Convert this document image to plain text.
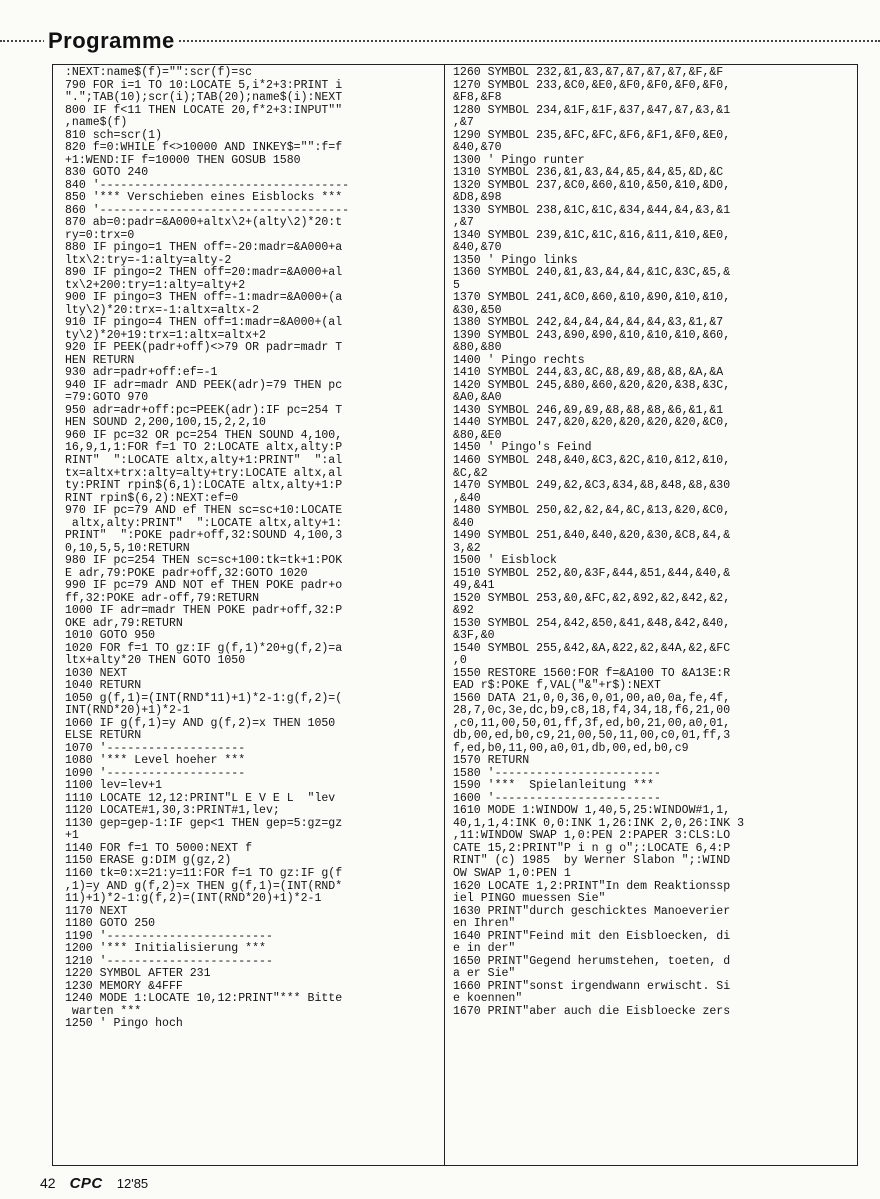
Programme
:NEXT:name$(f)="":scr(f)=sc
790 FOR i=1 TO 10:LOCATE 5,i*2+3:PRINT i
".";TAB(10);scr(i);TAB(20);name$(i):NEXT
800 IF f<11 THEN LOCATE 20,f*2+3:INPUT""
,name$(f)
810 sch=scr(1)
820 f=0:WHILE f<>10000 AND INKEY$="":f=f
+1:WEND:IF f=10000 THEN GOSUB 1580
830 GOTO 240
840 '------------------------------------
850 '*** Verschieben eines Eisblocks ***
860 '------------------------------------
870 ab=0:padr=&A000+altx\2+(alty\2)*20:t
ry=0:trx=0
880 IF pingo=1 THEN off=-20:madr=&A000+a
ltx\2:try=-1:alty=alty-2
890 IF pingo=2 THEN off=20:madr=&A000+al
tx\2+200:try=1:alty=alty+2
900 IF pingo=3 THEN off=-1:madr=&A000+(a
lty\2)*20:trx=-1:altx=altx-2
910 IF pingo=4 THEN off=1:madr=&A000+(al
ty\2)*20+19:trx=1:altx=altx+2
920 IF PEEK(padr+off)<>79 OR padr=madr T
HEN RETURN
930 adr=padr+off:ef=-1
940 IF adr=madr AND PEEK(adr)=79 THEN pc
=79:GOTO 970
950 adr=adr+off:pc=PEEK(adr):IF pc=254 T
HEN SOUND 2,200,100,15,2,2,10
960 IF pc=32 OR pc=254 THEN SOUND 4,100,
16,9,1,1:FOR f=1 TO 2:LOCATE altx,alty:P
RINT"  ":LOCATE altx,alty+1:PRINT"  ":al
tx=altx+trx:alty=alty+try:LOCATE altx,al
ty:PRINT rpin$(6,1):LOCATE altx,alty+1:P
RINT rpin$(6,2):NEXT:ef=0
970 IF pc=79 AND ef THEN sc=sc+10:LOCATE
altx,alty:PRINT"  ":LOCATE altx,alty+1:
PRINT"  ":POKE padr+off,32:SOUND 4,100,3
0,10,5,5,10:RETURN
980 IF pc=254 THEN sc=sc+100:tk=tk+1:POK
E adr,79:POKE padr+off,32:GOTO 1020
990 IF pc=79 AND NOT ef THEN POKE padr+o
ff,32:POKE adr-off,79:RETURN
1000 IF adr=madr THEN POKE padr+off,32:P
OKE adr,79:RETURN
1010 GOTO 950
1020 FOR f=1 TO gz:IF g(f,1)*20+g(f,2)=a
ltx+alty*20 THEN GOTO 1050
1030 NEXT
1040 RETURN
1050 g(f,1)=(INT(RND*11)+1)*2-1:g(f,2)=(
INT(RND*20)+1)*2-1
1060 IF g(f,1)=y AND g(f,2)=x THEN 1050
ELSE RETURN
1070 '--------------------
1080 '*** Level hoeher ***
1090 '--------------------
1100 lev=lev+1
1110 LOCATE 12,12:PRINT"L E V E L  "lev
1120 LOCATE#1,30,3:PRINT#1,lev;
1130 gep=gep-1:IF gep<1 THEN gep=5:gz=gz
+1
1140 FOR f=1 TO 5000:NEXT f
1150 ERASE g:DIM g(gz,2)
1160 tk=0:x=21:y=11:FOR f=1 TO gz:IF g(f
,1)=y AND g(f,2)=x THEN g(f,1)=(INT(RND*
11)+1)*2-1:g(f,2)=(INT(RND*20)+1)*2-1
1170 NEXT
1180 GOTO 250
1190 '------------------------
1200 '*** Initialisierung ***
1210 '------------------------
1220 SYMBOL AFTER 231
1230 MEMORY &4FFF
1240 MODE 1:LOCATE 10,12:PRINT"*** Bitte
warten ***
1250 ' Pingo hoch

1260 SYMBOL 232,&1,&3,&7,&7,&7,&7,&F,&F
1270 SYMBOL 233,&C0,&E0,&F0,&F0,&F0,&F0,
&F8,&F8
1280 SYMBOL 234,&1F,&1F,&37,&47,&7,&3,&1
,&7
1290 SYMBOL 235,&FC,&FC,&F6,&F1,&F0,&E0,
&40,&70
1300 ' Pingo runter
1310 SYMBOL 236,&1,&3,&4,&5,&4,&5,&D,&C
1320 SYMBOL 237,&C0,&60,&10,&50,&10,&D0,
&D8,&98
1330 SYMBOL 238,&1C,&1C,&34,&44,&4,&3,&1
,&7
1340 SYMBOL 239,&1C,&1C,&16,&11,&10,&E0,
&40,&70
1350 ' Pingo links
1360 SYMBOL 240,&1,&3,&4,&4,&1C,&3C,&5,&
5
1370 SYMBOL 241,&C0,&60,&10,&90,&10,&10,
&30,&50
1380 SYMBOL 242,&4,&4,&4,&4,&4,&3,&1,&7
1390 SYMBOL 243,&90,&90,&10,&10,&10,&60,
&80,&80
1400 ' Pingo rechts
1410 SYMBOL 244,&3,&C,&8,&9,&8,&8,&A,&A
1420 SYMBOL 245,&80,&60,&20,&20,&38,&3C,
&A0,&A0
1430 SYMBOL 246,&9,&9,&8,&8,&8,&6,&1,&1
1440 SYMBOL 247,&20,&20,&20,&20,&20,&C0,
&80,&E0
1450 ' Pingo's Feind
1460 SYMBOL 248,&40,&C3,&2C,&10,&12,&10,
&C,&2
1470 SYMBOL 249,&2,&C3,&34,&8,&48,&8,&30
,&40
1480 SYMBOL 250,&2,&2,&4,&C,&13,&20,&C0,
&40
1490 SYMBOL 251,&40,&40,&20,&30,&C8,&4,&
3,&2
1500 ' Eisblock
1510 SYMBOL 252,&0,&3F,&44,&51,&44,&40,&
49,&41
1520 SYMBOL 253,&0,&FC,&2,&92,&2,&42,&2,
&92
1530 SYMBOL 254,&42,&50,&41,&48,&42,&40,
&3F,&0
1540 SYMBOL 255,&42,&A,&22,&2,&4A,&2,&FC
,0
1550 RESTORE 1560:FOR f=&A100 TO &A13E:R
EAD r$:POKE f,VAL("&"+r$):NEXT
1560 DATA 21,0,0,36,0,01,00,a0,0a,fe,4f,
28,7,0c,3e,dc,b9,c8,18,f4,34,18,f6,21,00
,c0,11,00,50,01,ff,3f,ed,b0,21,00,a0,01,
db,00,ed,b0,c9,21,00,50,11,00,c0,01,ff,3
f,ed,b0,11,00,a0,01,db,00,ed,b0,c9
1570 RETURN
1580 '------------------------
1590 '***  Spielanleitung ***
1600 '------------------------
1610 MODE 1:WINDOW 1,40,5,25:WINDOW#1,1,
40,1,1,4:INK 0,0:INK 1,26:INK 2,0,26:INK 3
,11:WINDOW SWAP 1,0:PEN 2:PAPER 3:CLS:LO
CATE 15,2:PRINT"P i n g o";:LOCATE 6,4:P
RINT" (c) 1985  by Werner Slabon ";:WIND
OW SWAP 1,0:PEN 1
1620 LOCATE 1,2:PRINT"In dem Reaktionssp
iel PINGO muessen Sie"
1630 PRINT"durch geschicktes Manoeverier
en Ihren"
1640 PRINT"Feind mit den Eisbloecken, di
e in der"
1650 PRINT"Gegend herumstehen, toeten, d
a er Sie"
1660 PRINT"sonst irgendwann erwischt. Si
e koennen"
1670 PRINT"aber auch die Eisbloecke zers

42 CPC 12'85
